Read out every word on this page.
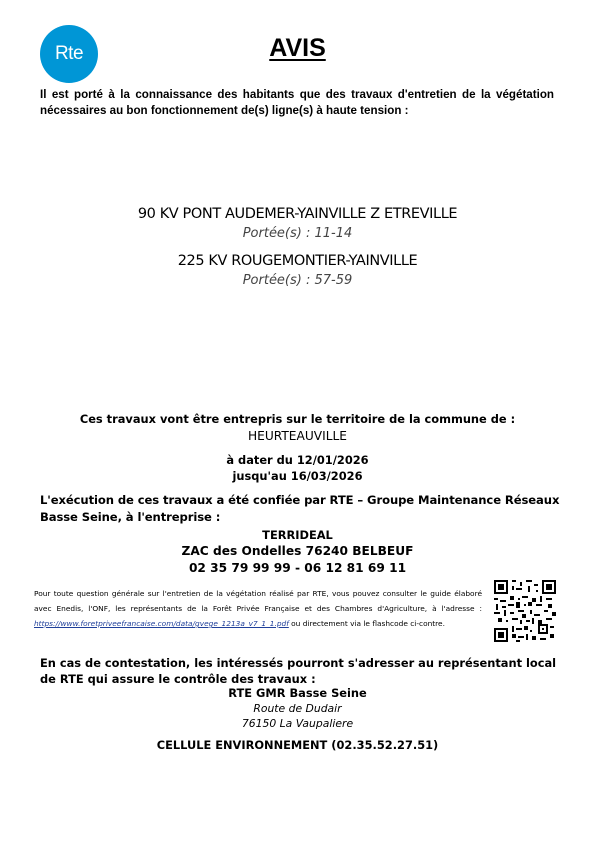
Rte	AVIS
Il est porté à la connaissance des habitants que des travaux d'entretien de la végétation nécessaires au bon fonctionnement de(s) ligne(s) à haute tension :
90 KV PONT AUDEMER-YAINVILLE Z ETREVILLE
Portée(s) : 11-14
225 KV ROUGEMONTIER-YAINVILLE
Portée(s) : 57-59
Ces travaux vont être entrepris sur le territoire de la commune de :
HEURTEAUVILLE
à dater du 12/01/2026
jusqu'au 16/03/2026
L'exécution de ces travaux a été confiée par RTE – Groupe Maintenance Réseaux Basse Seine, à l'entreprise :
TERRIDEAL
ZAC des Ondelles 76240 BELBEUF
02 35 79 99 99 - 06 12 81 69 11
Pour toute question générale sur l'entretien de la végétation réalisé par RTE, vous pouvez consulter le guide élaboré avec Enedis, l'ONF, les représentants de la Forêt Privée Française et des Chambres d'Agriculture, à l'adresse : https://www.foretpriveefrancaise.com/data/gvege_1213a_v7_1_1.pdf ou directement via le flashcode ci-contre.
En cas de contestation, les intéressés pourront s'adresser au représentant local de RTE qui assure le contrôle des travaux :
RTE GMR Basse Seine
Route de Dudair
76150 La Vaupaliere
CELLULE ENVIRONNEMENT (02.35.52.27.51)
